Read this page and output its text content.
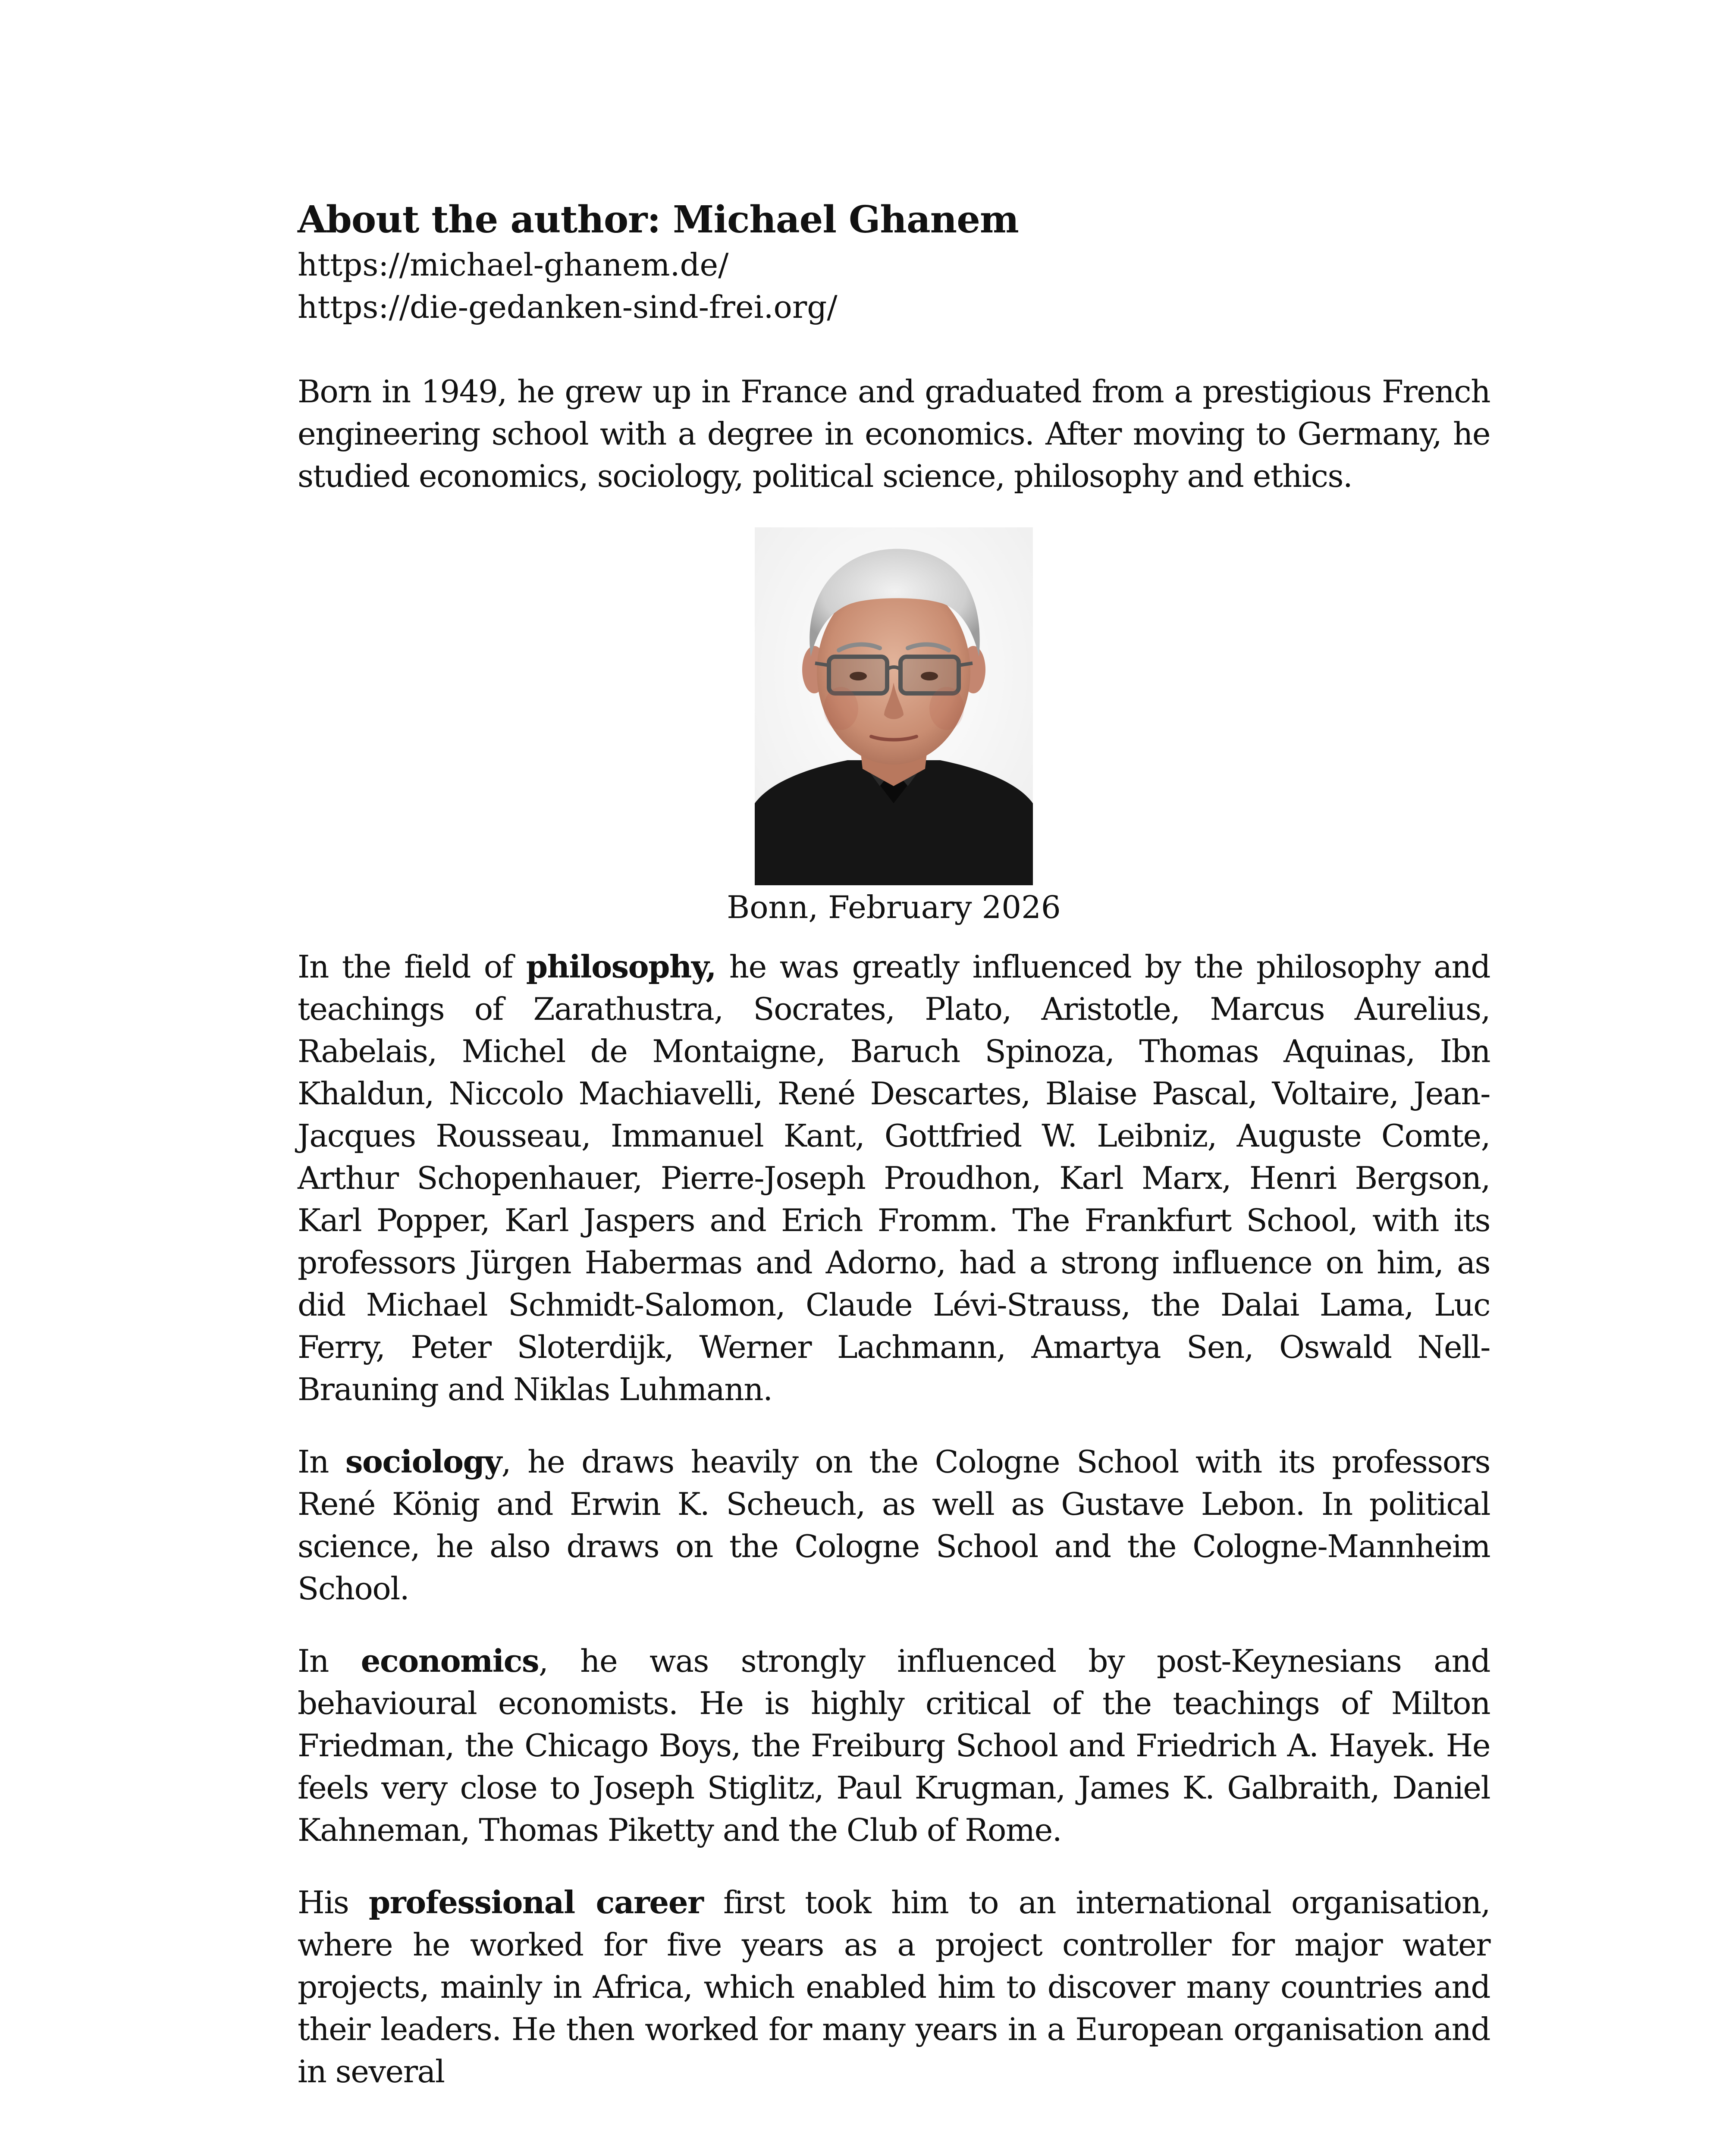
About the author: Michael Ghanem
https://michael-ghanem.de/
https://die-gedanken-sind-frei.org/

Born in 1949, he grew up in France and graduated from a prestigious French engineering school with a degree in economics. After moving to Germany, he studied economics, sociology, political science, philosophy and ethics.

Bonn, February 2026

In the field of philosophy, he was greatly influenced by the philosophy and teachings of Zarathustra, Socrates, Plato, Aristotle, Marcus Aurelius, Rabelais, Michel de Montaigne, Baruch Spinoza, Thomas Aquinas, Ibn Khaldun, Niccolo Machiavelli, René Descartes, Blaise Pascal, Voltaire, Jean-Jacques Rousseau, Immanuel Kant, Gottfried W. Leibniz, Auguste Comte, Arthur Schopenhauer, Pierre-Joseph Proudhon, Karl Marx, Henri Bergson, Karl Popper, Karl Jaspers and Erich Fromm. The Frankfurt School, with its professors Jürgen Habermas and Adorno, had a strong influence on him, as did Michael Schmidt-Salomon, Claude Lévi-Strauss, the Dalai Lama, Luc Ferry, Peter Sloterdijk, Werner Lachmann, Amartya Sen, Oswald Nell-Brauning and Niklas Luhmann.

In sociology, he draws heavily on the Cologne School with its professors René König and Erwin K. Scheuch, as well as Gustave Lebon. In political science, he also draws on the Cologne School and the Cologne-Mannheim School.

In economics, he was strongly influenced by post-Keynesians and behavioural economists. He is highly critical of the teachings of Milton Friedman, the Chicago Boys, the Freiburg School and Friedrich A. Hayek. He feels very close to Joseph Stiglitz, Paul Krugman, James K. Galbraith, Daniel Kahneman, Thomas Piketty and the Club of Rome.

His professional career first took him to an international organisation, where he worked for five years as a project controller for major water projects, mainly in Africa, which enabled him to discover many countries and their leaders. He then worked for many years in a European organisation and in several
